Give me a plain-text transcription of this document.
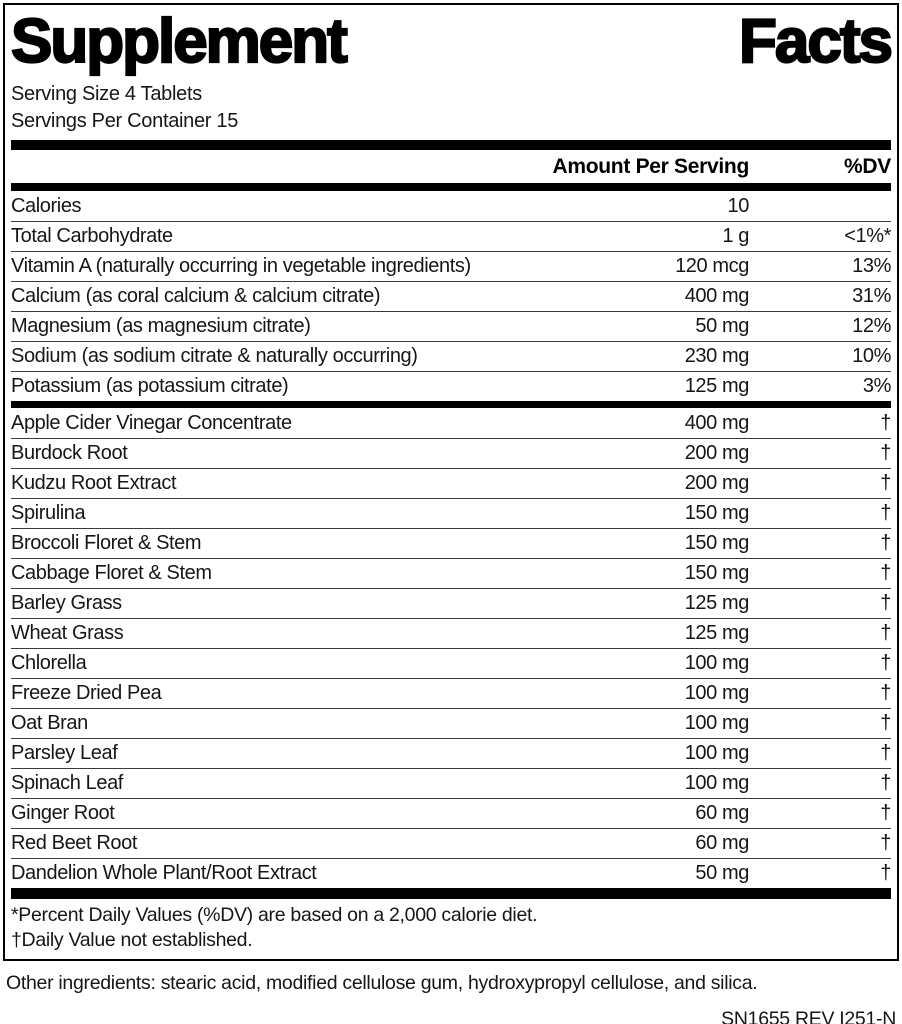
Supplement	Facts
Serving Size 4 Tablets
Servings Per Container 15
Amount Per Serving	%DV
Calories	10
Total Carbohydrate	1 g	<1%*
Vitamin A (naturally occurring in vegetable ingredients)	120 mcg	13%
Calcium (as coral calcium & calcium citrate)	400 mg	31%
Magnesium (as magnesium citrate)	50 mg	12%
Sodium (as sodium citrate & naturally occurring)	230 mg	10%
Potassium (as potassium citrate)	125 mg	3%
Apple Cider Vinegar Concentrate	400 mg	†
Burdock Root	200 mg	†
Kudzu Root Extract	200 mg	†
Spirulina	150 mg	†
Broccoli Floret & Stem	150 mg	†
Cabbage Floret & Stem	150 mg	†
Barley Grass	125 mg	†
Wheat Grass	125 mg	†
Chlorella	100 mg	†
Freeze Dried Pea	100 mg	†
Oat Bran	100 mg	†
Parsley Leaf	100 mg	†
Spinach Leaf	100 mg	†
Ginger Root	60 mg	†
Red Beet Root	60 mg	†
Dandelion Whole Plant/Root Extract	50 mg	†
*Percent Daily Values (%DV) are based on a 2,000 calorie diet.
†Daily Value not established.
Other ingredients: stearic acid, modified cellulose gum, hydroxypropyl cellulose, and silica.
SN1655 REV I251-N
